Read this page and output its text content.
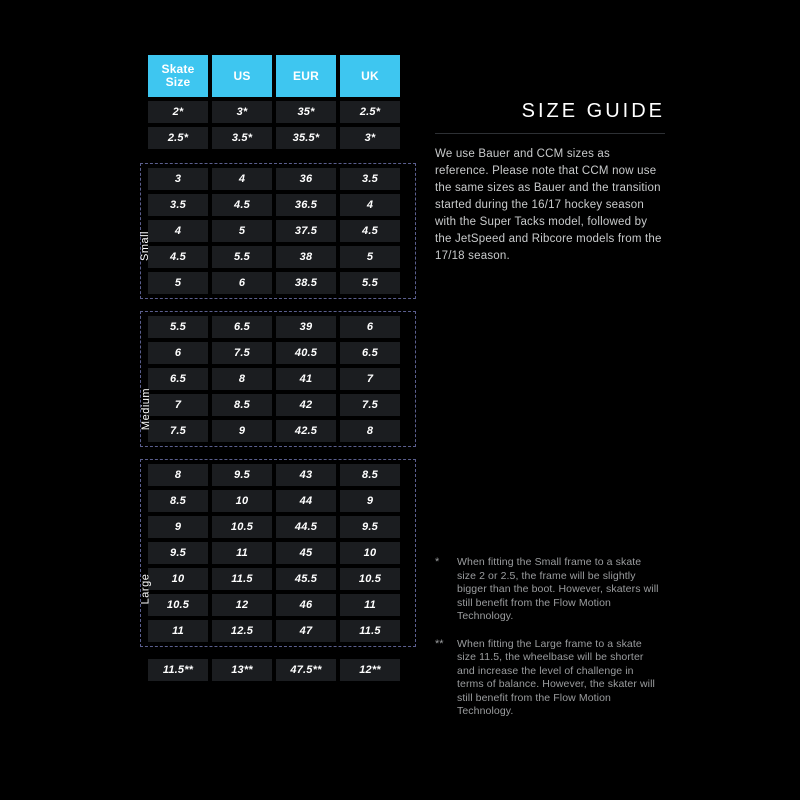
Skate
Size	US	EUR	UK
2*	3*	35*	2.5*
2.5*	3.5*	35.5*	3*
3	4	36	3.5
3.5	4.5	36.5	4
4	5	37.5	4.5
4.5	5.5	38	5
5	6	38.5	5.5
5.5	6.5	39	6
6	7.5	40.5	6.5
6.5	8	41	7
7	8.5	42	7.5
7.5	9	42.5	8
8	9.5	43	8.5
8.5	10	44	9
9	10.5	44.5	9.5
9.5	11	45	10
10	11.5	45.5	10.5
10.5	12	46	11
11	12.5	47	11.5
11.5**	13**	47.5**	12**
Small
Medium
Large
SIZE GUIDE

We use Bauer and CCM sizes as reference. Please note that CCM now use the same sizes as Bauer and the transition started during the 16/17 hockey season with the Super Tacks model, followed by the JetSpeed and Ribcore models from the 17/18 season.

*	When fitting the Small frame to a skate size 2 or 2.5, the frame will be slightly bigger than the boot. However, skaters will still benefit from the Flow Motion Technology.
**	When fitting the Large frame to a skate size 11.5, the wheelbase will be shorter and increase the level of challenge in terms of balance. However, the skater will still benefit from the Flow Motion Technology.
